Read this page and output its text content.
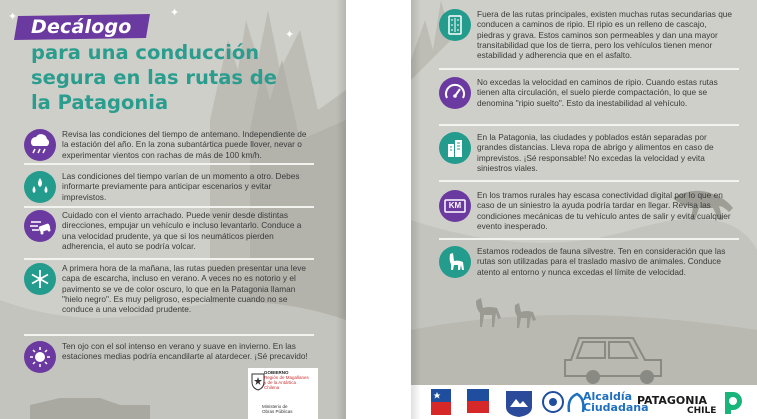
✦
✦
✦
Decálogo
para una conducción
segura en las rutas de
la Patagonia
Revisa las condiciones del tiempo de antemano. Independiente de la estación del año. En la zona subantártica puede llover, nevar o experimentar vientos con rachas de más de 100 km/h.
Las condiciones del tiempo varían de un momento a otro. Debes informarte previamente para anticipar escenarios y evitar imprevistos.
Cuidado con el viento arrachado. Puede venir desde distintas direcciones, empujar un vehículo e incluso levantarlo. Conduce a una velocidad prudente, ya que si los neumáticos pierden adherencia, el auto se podría volcar.
A primera hora de la mañana, las rutas pueden presentar una leve capa de escarcha, incluso en verano. A veces no es notorio y el pavimento se ve de color oscuro, lo que en la Patagonia llaman "hielo negro". Es muy peligroso, especialmente cuando no se conduce a una velocidad prudente.
Ten ojo con el sol intenso en verano y suave en invierno. En las estaciones medias podría encandilarte al atardecer. ¡Sé precavido!
GOBIERNO
Región de Magallanes
y de la Antártica
Chilena
Ministerio de
Obras Públicas
Fuera de las rutas principales, existen muchas rutas secundarias que conducen a caminos de ripio. El ripio es un relleno de cascajo, piedras y grava. Estos caminos son permeables y dan una mayor transitabilidad que los de tierra, pero los vehículos tienen menor estabilidad y adherencia que en el asfalto.
No excedas la velocidad en caminos de ripio. Cuando estas rutas tienen alta circulación, el suelo pierde compactación, lo que se denomina "ripio suelto". Esto da inestabilidad al vehículo.
En la Patagonia, las ciudades y poblados están separadas por grandes distancias. Lleva ropa de abrigo y alimentos en caso de imprevistos. ¡Sé responsable! No excedas la velocidad y evita siniestros viales.
KM
En los tramos rurales hay escasa conectividad digital por lo que en caso de un siniestro la ayuda podría tardar en llegar. Revisa las condiciones mecánicas de tu vehículo antes de salir y evita cualquier evento inesperado.
Estamos rodeados de fauna silvestre. Ten en consideración que las rutas son utilizadas para el traslado masivo de animales. Conduce atento al entorno y nunca excedas el límite de velocidad.
Alcaldía
Ciudadana
PATAGONIA
CHILE
